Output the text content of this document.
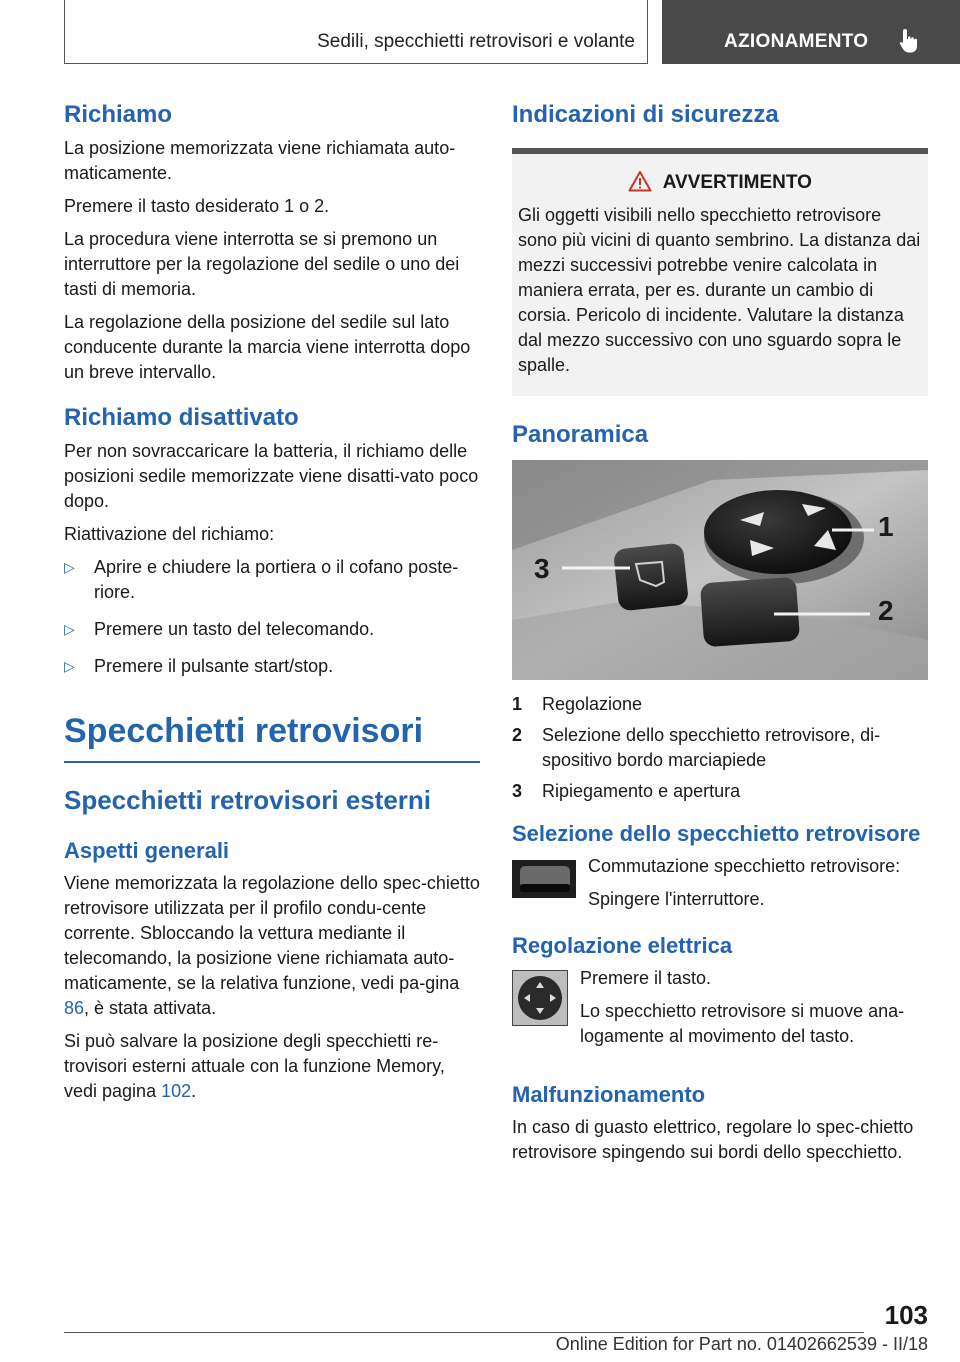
Sedili, specchietti retrovisori e volante	AZIONAMENTO
Richiamo

La posizione memorizzata viene richiamata auto-maticamente.

Premere il tasto desiderato 1 o 2.

La procedura viene interrotta se si premono un interruttore per la regolazione del sedile o uno dei tasti di memoria.

La regolazione della posizione del sedile sul lato conducente durante la marcia viene interrotta dopo un breve intervallo.

Richiamo disattivato

Per non sovraccaricare la batteria, il richiamo delle posizioni sedile memorizzate viene disatti-vato poco dopo.

Riattivazione del richiamo:

▷ Aprire e chiudere la portiera o il cofano poste-riore.
▷ Premere un tasto del telecomando.
▷ Premere il pulsante start/stop.
Specchietti retrovisori
Specchietti retrovisori esterni
Aspetti generali

Viene memorizzata la regolazione dello spec-chietto retrovisore utilizzata per il profilo condu-cente corrente. Sbloccando la vettura mediante il telecomando, la posizione viene richiamata auto-maticamente, se la relativa funzione, vedi pa-gina 86, è stata attivata.

Si può salvare la posizione degli specchietti re-trovisori esterni attuale con la funzione Memory, vedi pagina 102.

Indicazioni di sicurezza
AVVERTIMENTO

Gli oggetti visibili nello specchietto retrovisore sono più vicini di quanto sembrino. La distanza dai mezzi successivi potrebbe venire calcolata in maniera errata, per es. durante un cambio di corsia. Pericolo di incidente. Valutare la distanza dal mezzo successivo con uno sguardo sopra le spalle.

Panoramica
1
2
3
1 Regolazione
2 Selezione dello specchietto retrovisore, di-spositivo bordo marciapiede
3 Ripiegamento e apertura
Selezione dello specchietto retrovisore

Commutazione specchietto retrovisore:

Spingere l'interruttore.

Regolazione elettrica

Premere il tasto.

Lo specchietto retrovisore si muove ana-logamente al movimento del tasto.

Malfunzionamento

In caso di guasto elettrico, regolare lo spec-chietto retrovisore spingendo sui bordi dello specchietto.

103
Online Edition for Part no. 01402662539 - II/18
